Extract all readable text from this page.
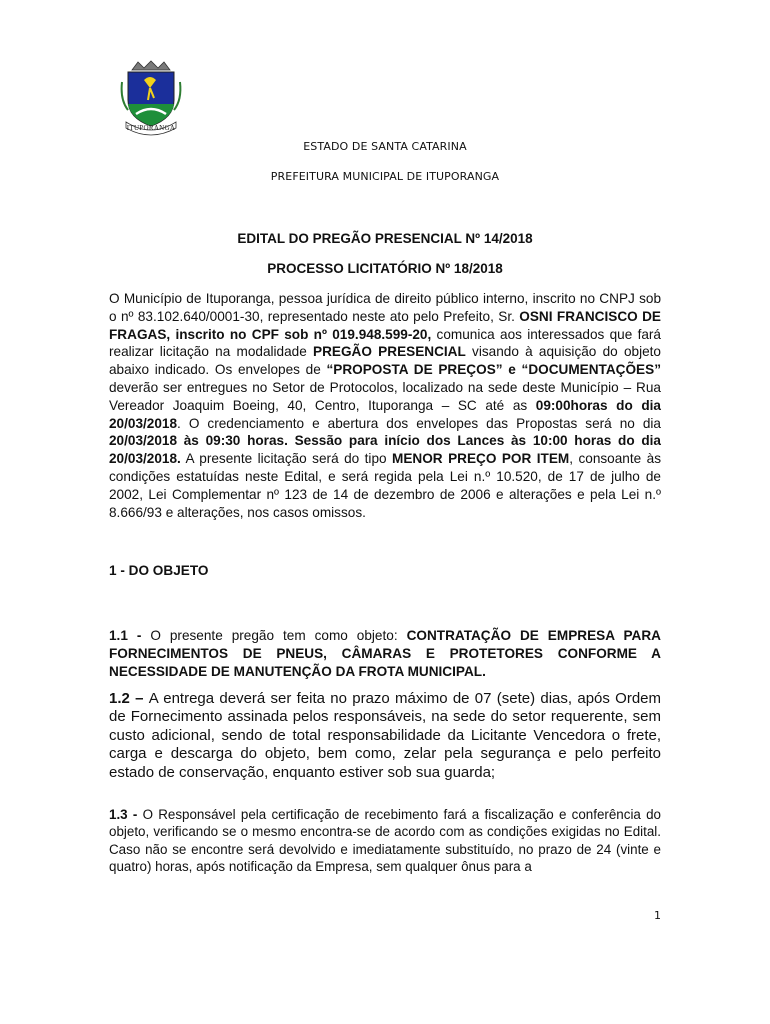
ITUPORANGA
ESTADO DE SANTA CATARINA
PREFEITURA MUNICIPAL DE ITUPORANGA
EDITAL DO PREGÃO PRESENCIAL Nº 14/2018
PROCESSO LICITATÓRIO Nº 18/2018
O Município de Ituporanga, pessoa jurídica de direito público interno, inscrito no CNPJ sob o nº 83.102.640/0001-30, representado neste ato pelo Prefeito, Sr. OSNI FRANCISCO DE FRAGAS, inscrito no CPF sob nº 019.948.599-20, comunica aos interessados que fará realizar licitação na modalidade PREGÃO PRESENCIAL visando à aquisição do objeto abaixo indicado. Os envelopes de “PROPOSTA DE PREÇOS” e “DOCUMENTAÇÕES” deverão ser entregues no Setor de Protocolos, localizado na sede deste Município – Rua Vereador Joaquim Boeing, 40, Centro, Ituporanga – SC até as 09:00horas do dia 20/03/2018. O credenciamento e abertura dos envelopes das Propostas será no dia 20/03/2018 às 09:30 horas. Sessão para início dos Lances às 10:00 horas do dia 20/03/2018. A presente licitação será do tipo MENOR PREÇO POR ITEM, consoante às condições estatuídas neste Edital, e será regida pela Lei n.º 10.520, de 17 de julho de 2002, Lei Complementar nº 123 de 14 de dezembro de 2006 e alterações e pela Lei n.º 8.666/93 e alterações, nos casos omissos.
1 - DO OBJETO
1.1 - O presente pregão tem como objeto: CONTRATAÇÃO DE EMPRESA PARA FORNECIMENTOS DE PNEUS, CÂMARAS E PROTETORES CONFORME A NECESSIDADE DE MANUTENÇÃO DA FROTA MUNICIPAL.
1.2 – A entrega deverá ser feita no prazo máximo de 07 (sete) dias, após Ordem de Fornecimento assinada pelos responsáveis, na sede do setor requerente, sem custo adicional, sendo de total responsabilidade da Licitante Vencedora o frete, carga e descarga do objeto, bem como, zelar pela segurança e pelo perfeito estado de conservação, enquanto estiver sob sua guarda;
1.3 - O Responsável pela certificação de recebimento fará a fiscalização e conferência do objeto, verificando se o mesmo encontra-se de acordo com as condições exigidas no Edital. Caso não se encontre será devolvido e imediatamente substituído, no prazo de 24 (vinte e quatro) horas, após notificação da Empresa, sem qualquer ônus para a
1
